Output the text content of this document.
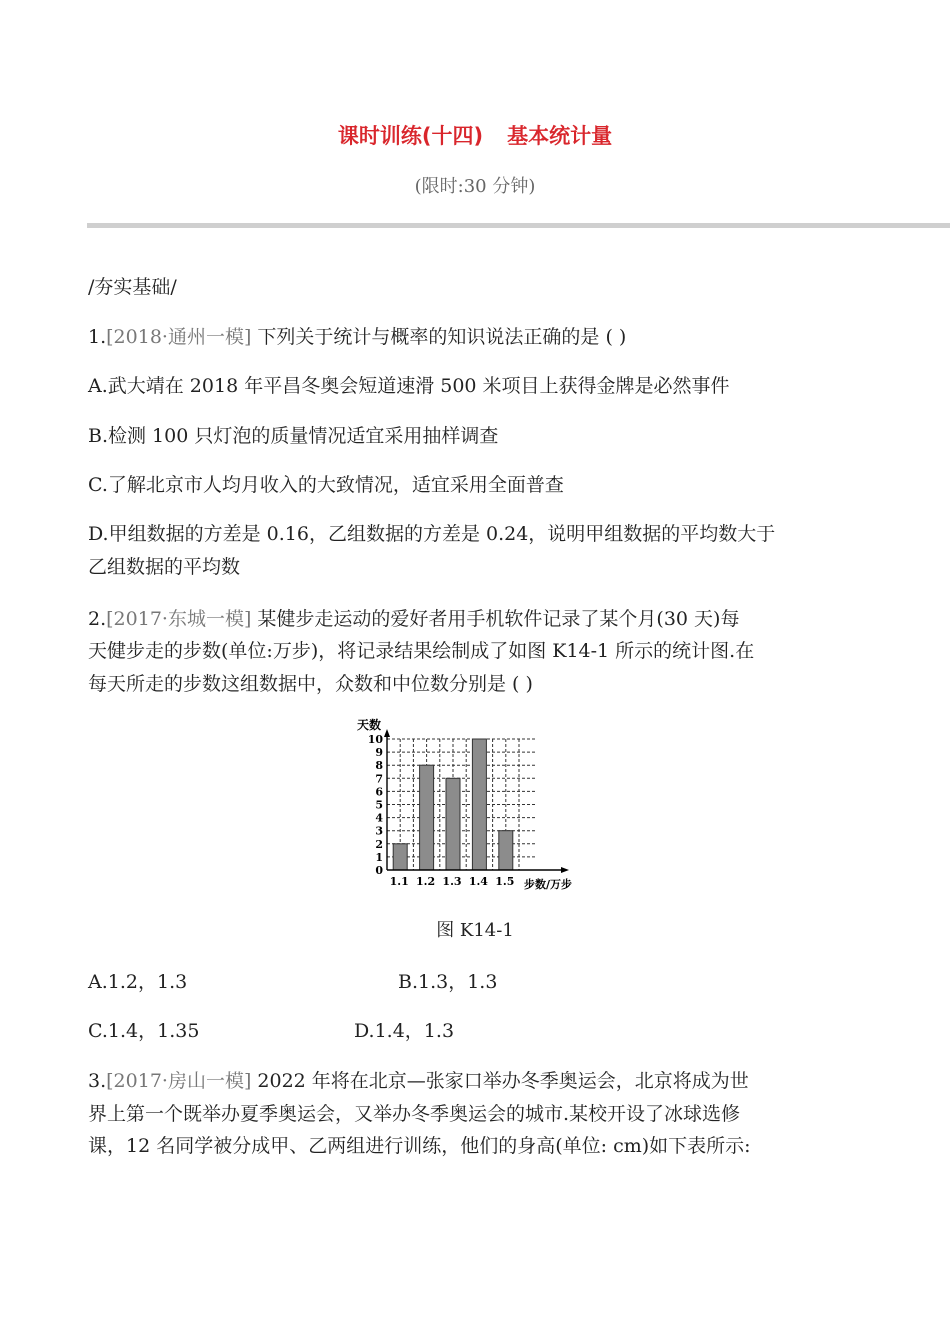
课时训练(十四) 基本统计量
(限时:30 分钟)
/夯实基础/
1.[2018·通州一模] 下列关于统计与概率的知识说法正确的是 ( )
A.武大靖在 2018 年平昌冬奥会短道速滑 500 米项目上获得金牌是必然事件
B.检测 100 只灯泡的质量情况适宜采用抽样调查
C.了解北京市人均月收入的大致情况，适宜采用全面普查
D.甲组数据的方差是 0.16，乙组数据的方差是 0.24，说明甲组数据的平均数大于
乙组数据的平均数
2.[2017·东城一模] 某健步走运动的爱好者用手机软件记录了某个月(30 天)每
天健步走的步数(单位:万步)，将记录结果绘制成了如图 K14-1 所示的统计图.在
每天所走的步数这组数据中，众数和中位数分别是 ( )
0
1
2
3
4
5
6
7
8
9
10
1.1 1.2 1.3 1.4 1.5
天数
步数/万步
图 K14-1
A.1.2，1.3	B.1.3，1.3
C.1.4，1.35	D.1.4，1.3
3.[2017·房山一模] 2022 年将在北京—张家口举办冬季奥运会，北京将成为世
界上第一个既举办夏季奥运会，又举办冬季奥运会的城市.某校开设了冰球选修
课，12 名同学被分成甲、乙两组进行训练，他们的身高(单位: cm)如下表所示:
